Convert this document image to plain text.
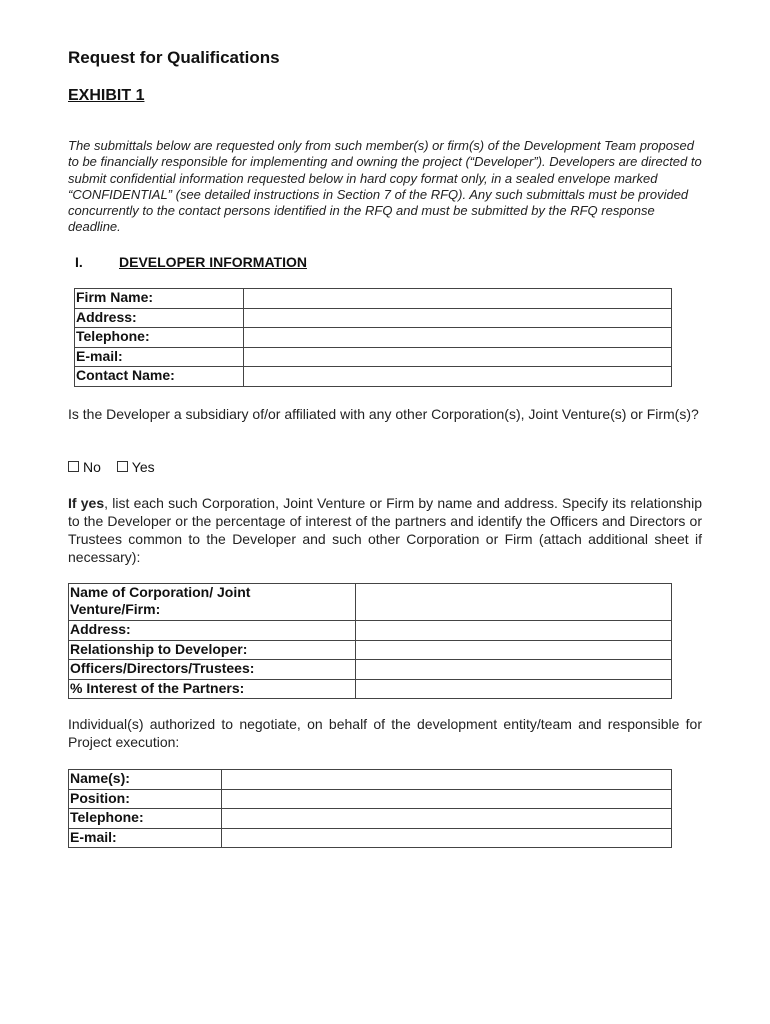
Request for Qualifications
EXHIBIT 1
The submittals below are requested only from such member(s) or firm(s) of the Development Team proposed to be financially responsible for implementing and owning the project (“Developer”). Developers are directed to submit confidential information requested below in hard copy format only, in a sealed envelope marked “CONFIDENTIAL” (see detailed instructions in Section 7 of the RFQ). Any such submittals must be provided concurrently to the contact persons identified in the RFQ and must be submitted by the RFQ response deadline.
I.	DEVELOPER INFORMATION
Firm Name:	
Address:	
Telephone:	
E-mail:	
Contact Name:	
Is the Developer a subsidiary of/or affiliated with any other Corporation(s), Joint Venture(s) or Firm(s)?
No Yes
If yes, list each such Corporation, Joint Venture or Firm by name and address. Specify its relationship to the Developer or the percentage of interest of the partners and identify the Officers and Directors or Trustees common to the Developer and such other Corporation or Firm (attach additional sheet if necessary):
Name of Corporation/ Joint Venture/Firm:	

Address:	
Relationship to Developer:	
Officers/Directors/Trustees:	
% Interest of the Partners:	
Individual(s) authorized to negotiate, on behalf of the development entity/team and responsible for Project execution:
Name(s):	
Position:	
Telephone:	
E-mail:	
